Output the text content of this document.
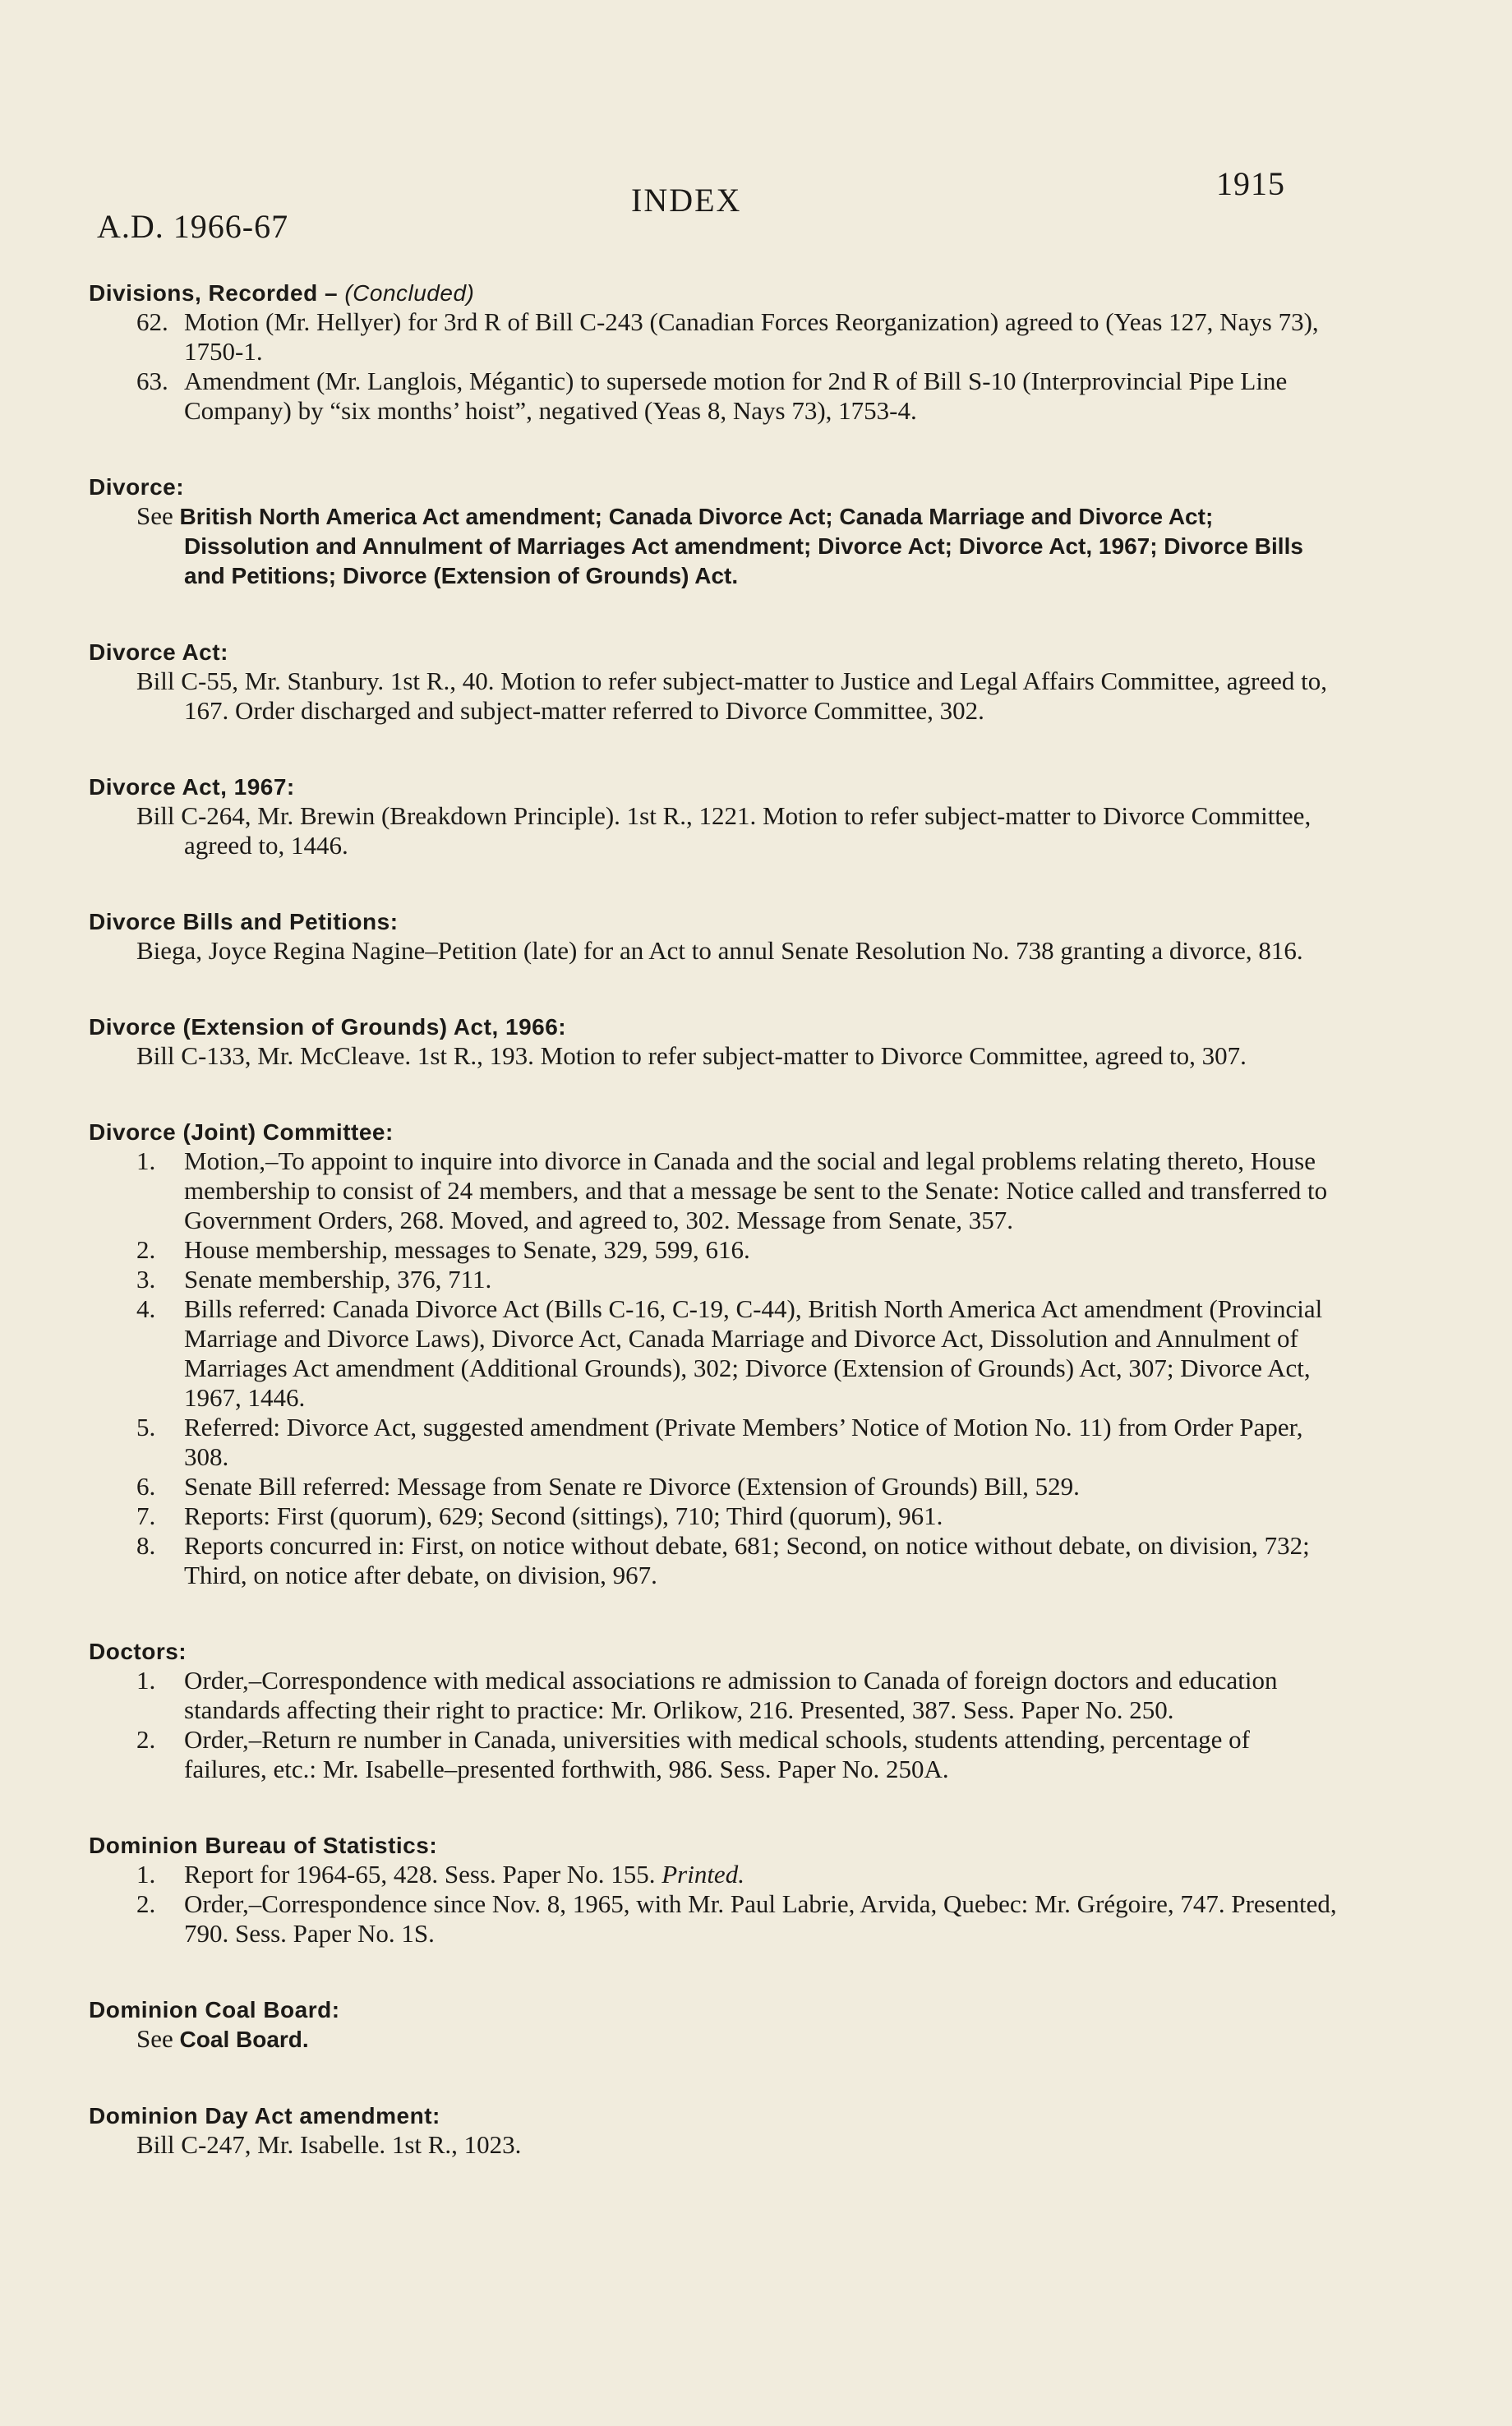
A.D. 1966-67
INDEX	1915
Divisions, Recorded – (Concluded)
62. Motion (Mr. Hellyer) for 3rd R of Bill C-243 (Canadian Forces Reorganization) agreed to (Yeas 127, Nays 73), 1750-1.
63. Amendment (Mr. Langlois, Mégantic) to supersede motion for 2nd R of Bill S-10 (Interprovincial Pipe Line Company) by “six months’ hoist”, negatived (Yeas 8, Nays 73), 1753-4.
Divorce:
See British North America Act amendment; Canada Divorce Act; Canada Marriage and Divorce Act; Dissolution and Annulment of Marriages Act amendment; Divorce Act; Divorce Act, 1967; Divorce Bills and Petitions; Divorce (Extension of Grounds) Act.
Divorce Act:
Bill C-55, Mr. Stanbury. 1st R., 40. Motion to refer subject-matter to Justice and Legal Affairs Committee, agreed to, 167. Order discharged and subject-matter referred to Divorce Committee, 302.
Divorce Act, 1967:
Bill C-264, Mr. Brewin (Breakdown Principle). 1st R., 1221. Motion to refer subject-matter to Divorce Committee, agreed to, 1446.
Divorce Bills and Petitions:
Biega, Joyce Regina Nagine–Petition (late) for an Act to annul Senate Resolution No. 738 granting a divorce, 816.
Divorce (Extension of Grounds) Act, 1966:
Bill C-133, Mr. McCleave. 1st R., 193. Motion to refer subject-matter to Divorce Committee, agreed to, 307.
Divorce (Joint) Committee:
1. Motion,–To appoint to inquire into divorce in Canada and the social and legal problems relating thereto, House membership to consist of 24 members, and that a message be sent to the Senate: Notice called and transferred to Government Orders, 268. Moved, and agreed to, 302. Message from Senate, 357.
2. House membership, messages to Senate, 329, 599, 616.
3. Senate membership, 376, 711.
4. Bills referred: Canada Divorce Act (Bills C-16, C-19, C-44), British North America Act amendment (Provincial Marriage and Divorce Laws), Divorce Act, Canada Marriage and Divorce Act, Dissolution and Annulment of Marriages Act amendment (Additional Grounds), 302; Divorce (Extension of Grounds) Act, 307; Divorce Act, 1967, 1446.
5. Referred: Divorce Act, suggested amendment (Private Members’ Notice of Motion No. 11) from Order Paper, 308.
6. Senate Bill referred: Message from Senate re Divorce (Extension of Grounds) Bill, 529.
7. Reports: First (quorum), 629; Second (sittings), 710; Third (quorum), 961.
8. Reports concurred in: First, on notice without debate, 681; Second, on notice without debate, on division, 732; Third, on notice after debate, on division, 967.
Doctors:
1. Order,–Correspondence with medical associations re admission to Canada of foreign doctors and education standards affecting their right to practice: Mr. Orlikow, 216. Presented, 387. Sess. Paper No. 250.
2. Order,–Return re number in Canada, universities with medical schools, students attending, percentage of failures, etc.: Mr. Isabelle–presented forthwith, 986. Sess. Paper No. 250A.
Dominion Bureau of Statistics:
1. Report for 1964-65, 428. Sess. Paper No. 155. Printed.
2. Order,–Correspondence since Nov. 8, 1965, with Mr. Paul Labrie, Arvida, Quebec: Mr. Grégoire, 747. Presented, 790. Sess. Paper No. 1S.
Dominion Coal Board:
See Coal Board.
Dominion Day Act amendment:
Bill C-247, Mr. Isabelle. 1st R., 1023.
